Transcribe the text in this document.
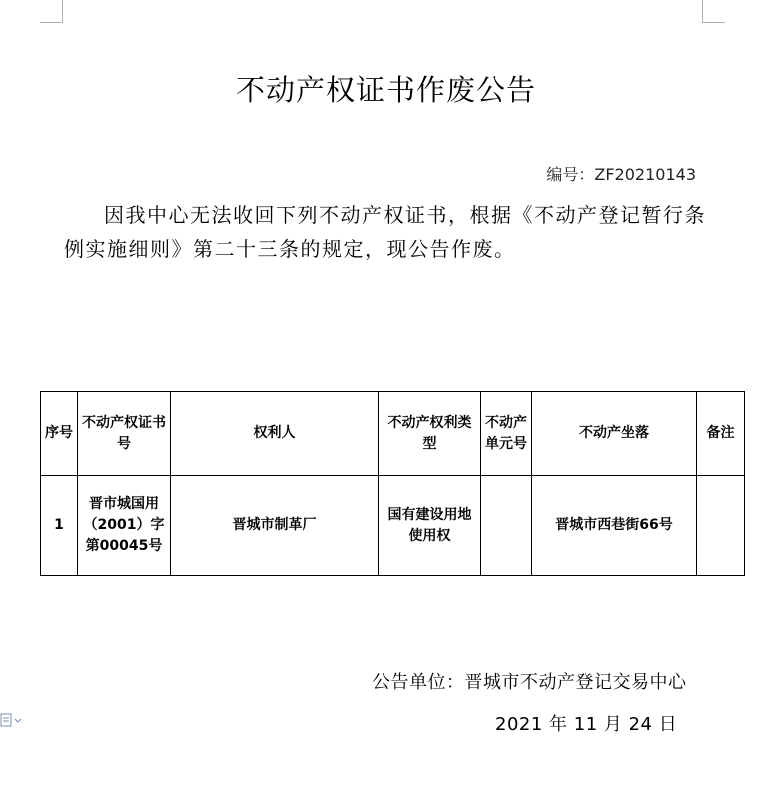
不动产权证书作废公告
编号：ZF20210143
因我中心无法收回下列不动产权证书，根据《不动产登记暂行条例实施细则》第二十三条的规定，现公告作废。
序号	不动产权证书号	权利人	不动产权利类型	不动产单元号	不动产坐落	备注
1	晋市城国用（2001）字第00045号	晋城市制革厂	国有建设用地使用权		晋城市西巷街66号	
公告单位：晋城市不动产登记交易中心
2021 年 11 月 24 日
